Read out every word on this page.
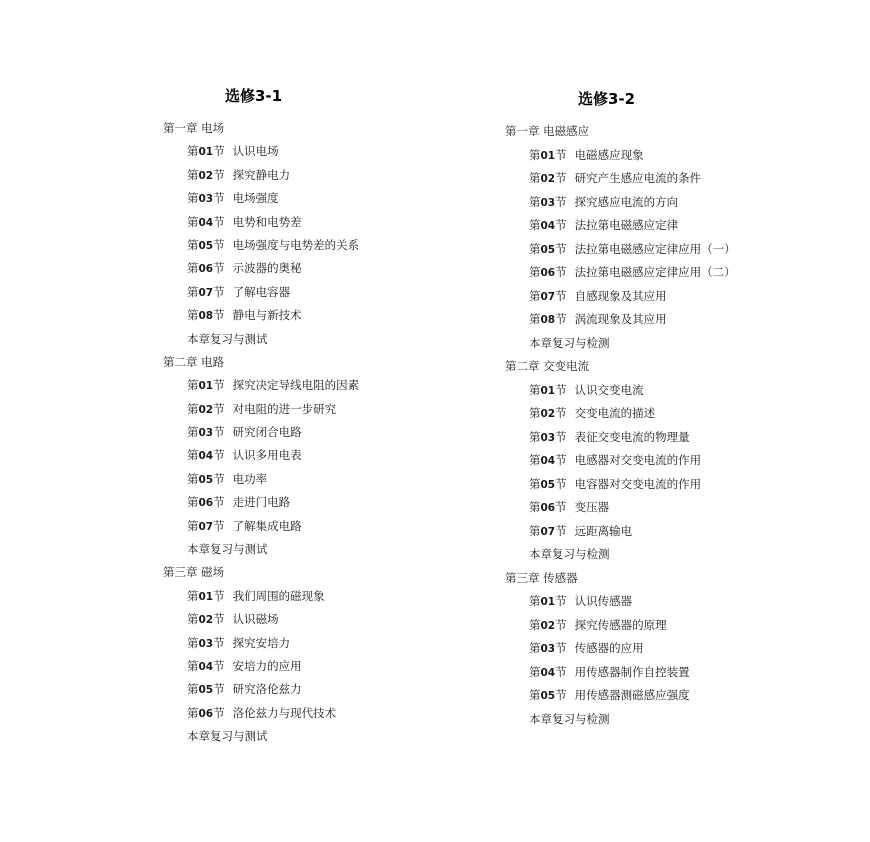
选修3-1
第一章 电场
第01节 认识电场
第02节 探究静电力
第03节 电场强度
第04节 电势和电势差
第05节 电场强度与电势差的关系
第06节 示波器的奥秘
第07节 了解电容器
第08节 静电与新技术
本章复习与测试
第二章 电路
第01节 探究决定导线电阻的因素
第02节 对电阻的进一步研究
第03节 研究闭合电路
第04节 认识多用电表
第05节 电功率
第06节 走进门电路
第07节 了解集成电路
本章复习与测试
第三章 磁场
第01节 我们周围的磁现象
第02节 认识磁场
第03节 探究安培力
第04节 安培力的应用
第05节 研究洛伦兹力
第06节 洛伦兹力与现代技术
本章复习与测试
选修3-2
第一章 电磁感应
第01节 电磁感应现象
第02节 研究产生感应电流的条件
第03节 探究感应电流的方向
第04节 法拉第电磁感应定律
第05节 法拉第电磁感应定律应用（一）
第06节 法拉第电磁感应定律应用（二）
第07节 自感现象及其应用
第08节 涡流现象及其应用
本章复习与检测
第二章 交变电流
第01节 认识交变电流
第02节 交变电流的描述
第03节 表征交变电流的物理量
第04节 电感器对交变电流的作用
第05节 电容器对交变电流的作用
第06节 变压器
第07节 远距离输电
本章复习与检测
第三章 传感器
第01节 认识传感器
第02节 探究传感器的原理
第03节 传感器的应用
第04节 用传感器制作自控装置
第05节 用传感器测磁感应强度
本章复习与检测
